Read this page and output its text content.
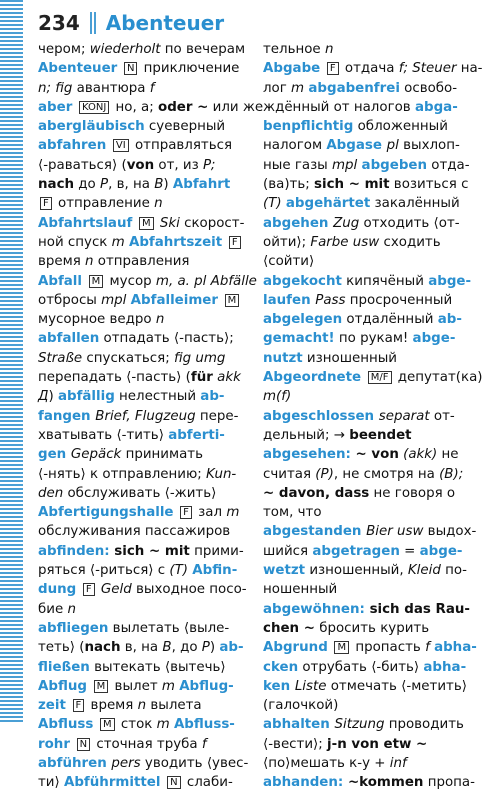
234 Abenteuer
чером; wiederholt по вечерам
Abenteuer N приключение
n; fig авантюра f
aber KONJ но, а; oder ~ или же
abergläubisch суеверный
abfahren VI отправляться
⟨-раваться⟩ (von от, из P;
nach до P, в, на B) Abfahrt
F отправление n
Abfahrtslauf M Ski скорост-
ной спуск m Abfahrtszeit F
время n отправления
Abfall M мусор m, a. pl Abfälle
отбросы mpl Abfalleimer M
мусорное ведро n
abfallen отпадать ⟨-пасть⟩;
Straße спускаться; fig umg
перепадать ⟨-пасть⟩ (für akk
Д) abfällig нелестный ab-
fangen Brief, Flugzeug пере-
хватывать ⟨-тить⟩ abferti-
gen Gepäck принимать
⟨-нять⟩ к отправлению; Kun-
den обслуживать ⟨-жить⟩
Abfertigungshalle F зал m
обслуживания пассажиров
abfinden: sich ~ mit прими-
ряться ⟨-риться⟩ с (T) Abfin-
dung F Geld выходное посо-
бие n
abfliegen вылетать ⟨выле-
теть⟩ (nach в, на B, до P) ab-
fließen вытекать ⟨вытечь⟩
Abflug M вылет m Abflug-
zeit F время n вылета
Abfluss M сток m Abfluss-
rohr N сточная труба f
abführen pers уводить ⟨увес-
ти⟩ Abführmittel N слаби-
тельное n
Abgabe F отдача f; Steuer на-
лог m abgabenfrei освобо-
ждённый от налогов abga-
benpflichtig обложенный
налогом Abgase pl выхлоп-
ные газы mpl abgeben отда-
(ва)ть; sich ~ mit возиться с
(T) abgehärtet закалённый
abgehen Zug отходить ⟨от-
ойти⟩; Farbe usw сходить
⟨сойти⟩
abgekocht кипячёный abge-
laufen Pass просроченный
abgelegen отдалённый ab-
gemacht! по рукам! abge-
nutzt изношенный
Abgeordnete M/F депутат(ка)
m(f)
abgeschlossen separat от-
дельный; → beendet
abgesehen: ~ von (akk) не
считая (P), не смотря на (B);
~ davon, dass не говоря о
том, что
abgestanden Bier usw выдох-
шийся abgetragen = abge-
wetzt изношенный, Kleid по-
ношенный
abgewöhnen: sich das Rau-
chen ~ бросить курить
Abgrund M пропасть f abha-
cken отрубать ⟨-бить⟩ abha-
ken Liste отмечать ⟨-метить⟩
(галочкой)
abhalten Sitzung проводить
⟨-вести⟩; j-n von etw ~
⟨по⟩мешать к-у + inf
abhanden: ~kommen пропа-
